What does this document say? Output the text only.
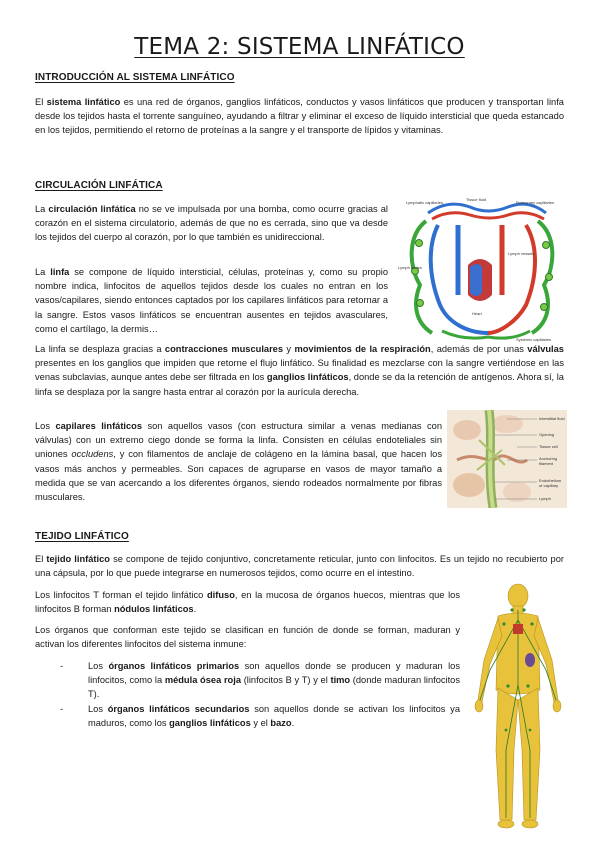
TEMA 2: SISTEMA LINFÁTICO
INTRODUCCIÓN AL SISTEMA LINFÁTICO
El sistema linfático es una red de órganos, ganglios linfáticos, conductos y vasos linfáticos que producen y transportan linfa desde los tejidos hasta el torrente sanguíneo, ayudando a filtrar y eliminar el exceso de líquido intersticial que queda estancado en los tejidos, permitiendo el retorno de proteínas a la sangre y el transporte de lípidos y vitaminas.
CIRCULACIÓN LINFÁTICA
La circulación linfática no se ve impulsada por una bomba, como ocurre gracias al corazón en el sistema circulatorio, además de que no es cerrada, sino que va desde los tejidos del cuerpo al corazón, por lo que también es unidireccional.
La linfa se compone de líquido intersticial, células, proteínas y, como su propio nombre indica, linfocitos de aquellos tejidos desde los cuales no entran en los vasos/capilares, siendo entonces captados por los capilares linfáticos para retornar a la sangre. Estos vasos linfáticos se encuentran ausentes en tejidos avasculares, como el cartílago, la dermis…
La linfa se desplaza gracias a contracciones musculares y movimientos de la respiración, además de por unas válvulas presentes en los ganglios que impiden que retorne el flujo linfático. Su finalidad es mezclarse con la sangre vertiéndose en las venas subclavias, aunque antes debe ser filtrada en los ganglios linfáticos, donde se da la retención de antígenos. Ahora sí, la linfa se desplaza por la sangre hasta entrar al corazón por la aurícula derecha.
Los capilares linfáticos son aquellos vasos (con estructura similar a venas medianas con válvulas) con un extremo ciego donde se forma la linfa. Consisten en células endoteliales sin uniones occludens, y con filamentos de anclaje de colágeno en la lámina basal, que hacen los vasos más anchos y permeables. Son capaces de agruparse en vasos de mayor tamaño a medida que se van acercando a los diferentes órganos, siendo rodeados normalmente por fibras musculares.
Lymphatic capillaries
Tissue fluid
Pulmonary capillaries
Lymph nodes
Lymph vessels
Heart
Systemic capillaries
Interstitial fluid
Opening
Tissue cell
Anchoring
filament
Endothelium
of capillary
Lymph
TEJIDO LINFÁTICO
El tejido linfático se compone de tejido conjuntivo, concretamente reticular, junto con linfocitos. Es un tejido no recubierto por una cápsula, por lo que puede integrarse en numerosos tejidos, como ocurre en el intestino.
Los linfocitos T forman el tejido linfático difuso, en la mucosa de órganos huecos, mientras que los linfocitos B forman nódulos linfáticos.
Los órganos que conforman este tejido se clasifican en función de donde se forman, maduran y activan los diferentes linfocitos del sistema inmune:
-	Los órganos linfáticos primarios son aquellos donde se producen y maduran los linfocitos, como la médula ósea roja (linfocitos B y T) y el timo (donde maduran linfocitos T).
-	Los órganos linfáticos secundarios son aquellos donde se activan los linfocitos ya maduros, como los ganglios linfáticos y el bazo.
